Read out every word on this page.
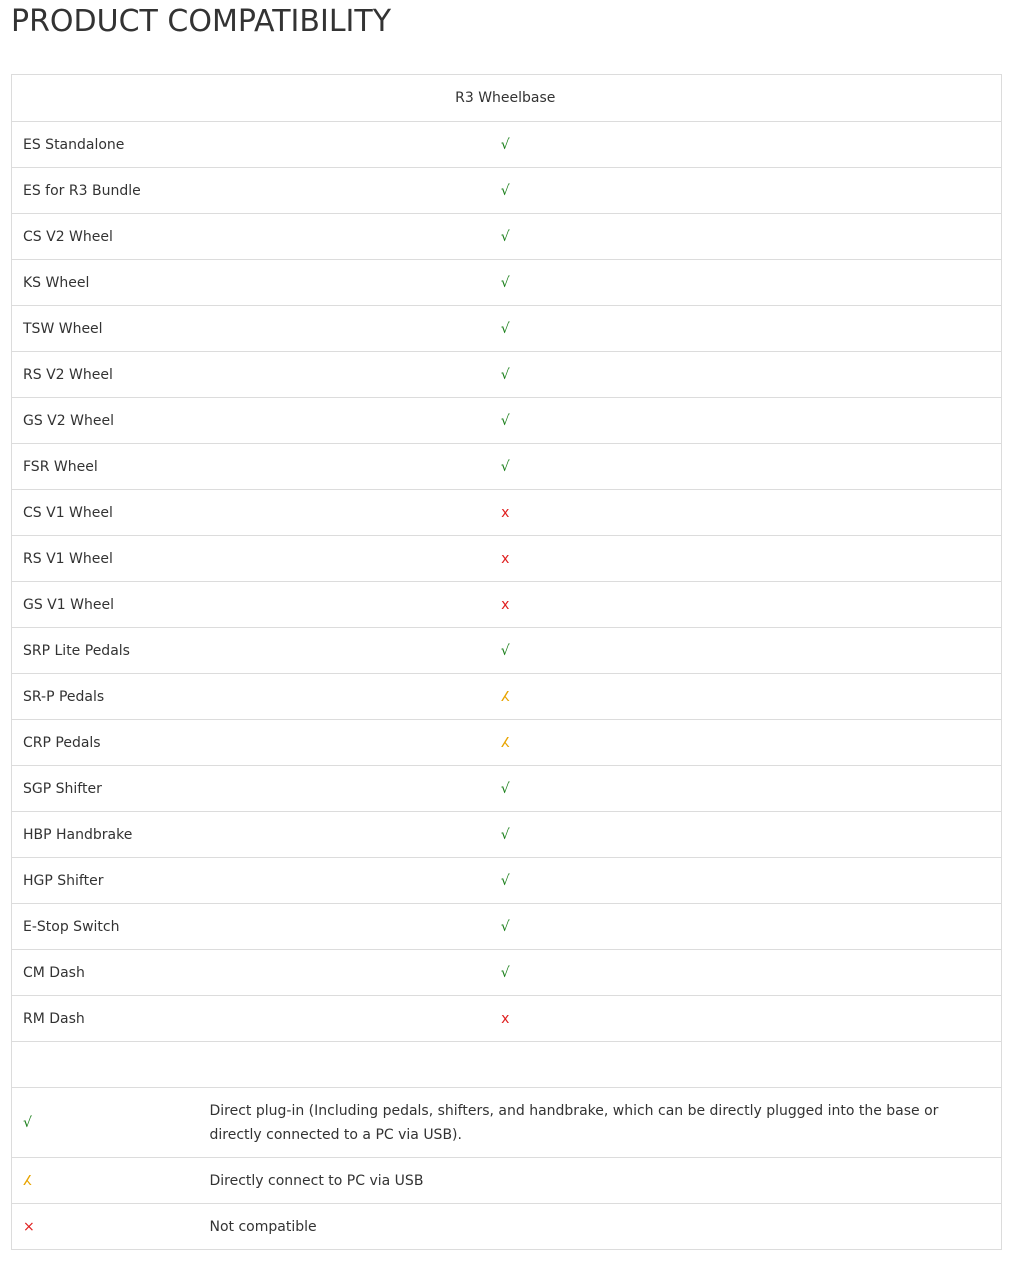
PRODUCT COMPATIBILITY
	R3 Wheelbase
ES Standalone	√
ES for R3 Bundle	√
CS V2 Wheel	√
KS Wheel	√
TSW Wheel	√
RS V2 Wheel	√
GS V2 Wheel	√
FSR Wheel	√
CS V1 Wheel	x
RS V1 Wheel	x
GS V1 Wheel	x
SRP Lite Pedals	√
SR-P Pedals	ⵃ
CRP Pedals	ⵃ
SGP Shifter	√
HBP Handbrake	√
HGP Shifter	√
E-Stop Switch	√
CM Dash	√
RM Dash	x

√	Direct plug-in (Including pedals, shifters, and handbrake, which can be directly plugged into the base or directly connected to a PC via USB).
ⵃ	Directly connect to PC via USB
×	Not compatible
